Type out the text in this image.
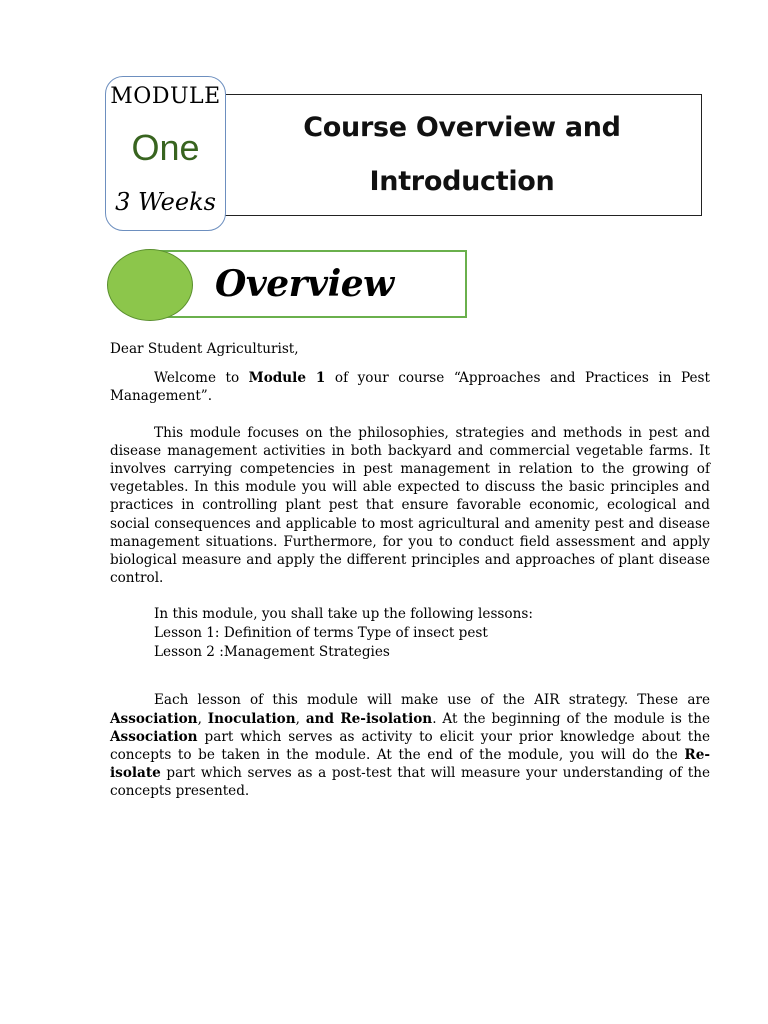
Course Overview and
Introduction
MODULE
One
3 Weeks
Overview

Dear Student Agriculturist,

Welcome to Module 1 of your course “Approaches and Practices in Pest Management”.

This module focuses on the philosophies, strategies and methods in pest and disease management activities in both backyard and commercial vegetable farms. It involves carrying competencies in pest management in relation to the growing of vegetables. In this module you will able expected to discuss the basic principles and practices in controlling plant pest that ensure favorable economic, ecological and social consequences and applicable to most agricultural and amenity pest and disease management situations. Furthermore, for you to conduct field assessment and apply biological measure and apply the different principles and approaches of plant disease control.

In this module, you shall take up the following lessons:
Lesson 1: Definition of terms Type of insect pest
Lesson 2 :Management Strategies

Each lesson of this module will make use of the AIR strategy. These are Association, Inoculation, and Re-isolation. At the beginning of the module is the Association part which serves as activity to elicit your prior knowledge about the concepts to be taken in the module. At the end of the module, you will do the Re-isolate part which serves as a post-test that will measure your understanding of the concepts presented.
